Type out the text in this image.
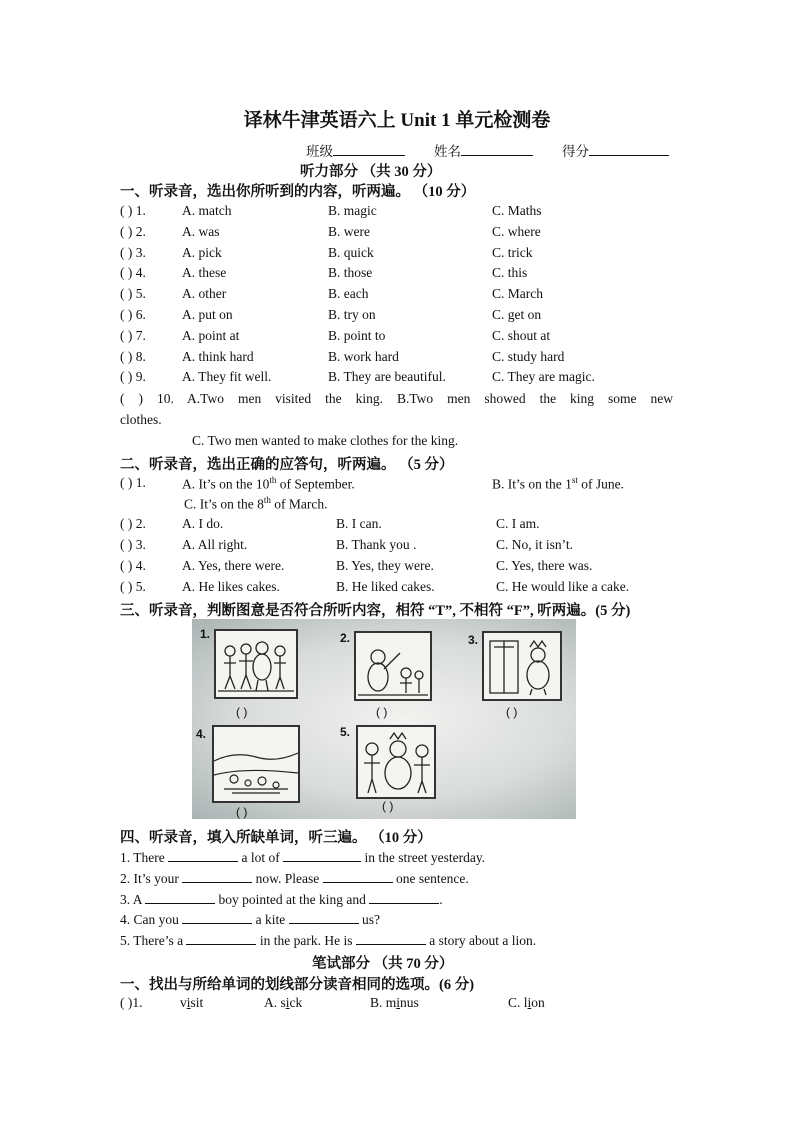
译林牛津英语六上 Unit 1 单元检测卷
班级	姓名	得分
听力部分 （共 30 分）
一、听录音，选出你所听到的内容，听两遍。 （10 分）
( ) 1.	A. match	B. magic	C. Maths
( ) 2.	A. was	B. were	C. where
( ) 3.	A. pick	B. quick	C. trick
( ) 4.	A. these	B. those	C. this
( ) 5.	A. other	B. each	C. March
( ) 6.	A. put on	B. try on	C. get on
( ) 7.	A. point at	B. point to	C. shout at
( ) 8.	A. think hard	B. work hard	C. study hard
( ) 9.	A. They fit well.	B. They are beautiful.	C. They are magic.
( ) 10. A.Two men visited the king. B.Two men showed the king some new
clothes.
C. Two men wanted to make clothes for the king.
二、听录音，选出正确的应答句，听两遍。 （5 分）
( ) 1.	A. It’s on the 10th of September.	B. It’s on the 1st of June.
C. It’s on the 8th of March.
( ) 2.	A. I do.	B. I can.	C. I am.
( ) 3.	A. All right.	B. Thank you .	C. No, it isn’t.
( ) 4.	A. Yes, there were.	B. Yes, they were.	C. Yes, there was.
( ) 5.	A. He likes cakes.	B. He liked cakes.	C. He would like a cake.
三、听录音，判断图意是否符合所听内容，相符 “T”, 不相符 “F”, 听两遍。(5 分)
1.
( )
2.
( )
3.
( )
4.
( )
5.
( )
四、听录音，填入所缺单词，听三遍。 （10 分）
1. There	a lot of	in the street yesterday.
2. It’s your	now. Please	one sentence.
3. A	boy pointed at the king and	.
4. Can you	a kite	us?
5. There’s a	in the park. He is	a story about a lion.
笔试部分 （共 70 分）
一、找出与所给单词的划线部分读音相同的选项。(6 分)
( )1.	visit	A. sick	B. minus	C. lion
